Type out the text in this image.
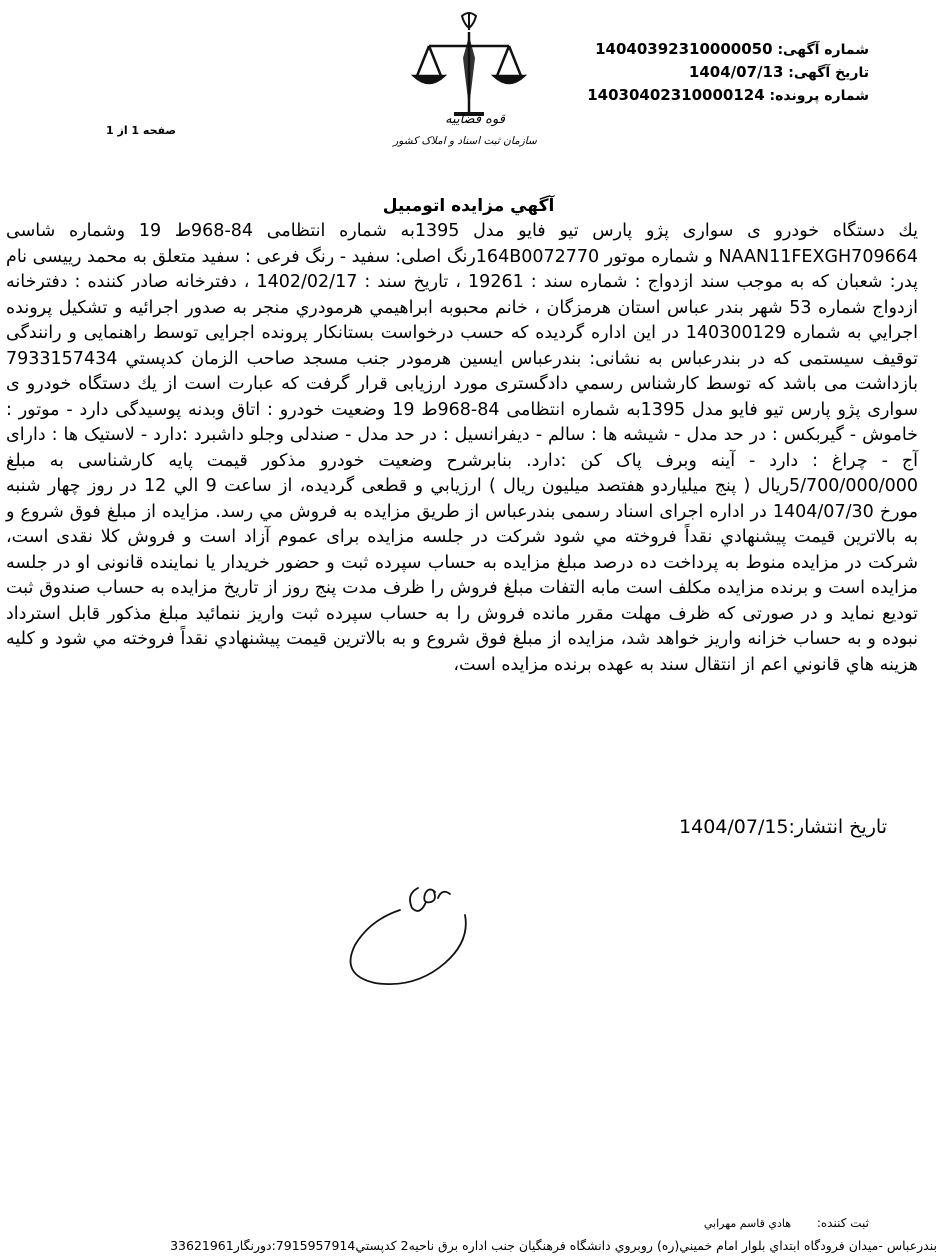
شماره آگهی: 14040392310000050
تاریخ آگهی: 1404/07/13
شماره پرونده: 14030402310000124
قوه قضاییه
سازمان ثبت اسناد و املاک کشور
صفحه 1 از 1
آگهي مزايده اتومبيل
يك دستگاه خودرو ی سواری پژو پارس تیو فایو مدل 1395به شماره انتظامی 84-968ط 19 وشماره شاسی NAAN11FEXGH709664 و شماره موتور 164B0072770رنگ اصلی: سفید - رنگ فرعی : سفید متعلق به محمد رییسی نام پدر: شعبان که به موجب سند ازدواج : شماره سند : 19261 ، تاریخ سند : 1402/02/17 ، دفترخانه صادر کننده : دفترخانه ازدواج شماره 53 شهر بندر عباس استان هرمزگان ، خانم محبوبه ابراهيمي هرمودري منجر به صدور اجرائيه و تشكيل پرونده اجرايي به شماره 140300129 در اين اداره گرديده كه حسب درخواست بستانكار پرونده اجرایی توسط راهنمایی و رانندگی توقیف سیستمی که در بندرعباس به نشانی: بندرعباس ايسين هرمودر جنب مسجد صاحب الزمان كدپستي 7933157434 بازداشت می باشد که توسط کارشناس رسمي دادگستری مورد ارزیابی قرار گرفت که عبارت است از يك دستگاه خودرو ی سواری پژو پارس تیو فایو مدل 1395به شماره انتظامی 84-968ط 19 وضعیت خودرو : اتاق وبدنه پوسیدگی دارد - موتور : خاموش - گیربکس : در حد مدل - شیشه ها : سالم - دیفرانسیل : در حد مدل - صندلی وجلو داشبرد :دارد - لاستیک ها : دارای آج - چراغ : دارد - آینه وبرف پاک کن :دارد. بنابرشرح وضعیت خودرو مذکور قیمت پایه کارشناسی به مبلغ 5/700/000/000ريال ( پنج میلیاردو هفتصد میلیون ریال ) ارزيابي و قطعی گرديده، از ساعت 9 الي 12 در روز چهار شنبه مورخ 1404/07/30 در اداره اجرای اسناد رسمی بندرعباس از طريق مزايده به فروش مي رسد. مزايده از مبلغ فوق شروع و به بالاترين قيمت پيشنهادي نقداً فروخته مي شود شرکت در جلسه مزايده برای عموم آزاد است و فروش کلا نقدی است، شرکت در مزايده منوط به پرداخت ده درصد مبلغ مزايده به حساب سپرده ثبت و حضور خريدار يا نماينده قانونی او در جلسه مزايده است و برنده مزايده مکلف است مابه التفات مبلغ فروش را ظرف مدت پنج روز از تاريخ مزايده به حساب صندوق ثبت توديع نمايد و در صورتی كه ظرف مهلت مقرر مانده فروش را به حساب سپرده ثبت واريز ننمائید مبلغ مذكور قابل استرداد نبوده و به حساب خزانه واريز خواهد شد، مزايده از مبلغ فوق شروع و به بالاترين قيمت پيشنهادي نقداً فروخته مي شود و کليه هزينه هاي قانوني اعم از انتقال سند به عهده برنده مزايده است،
تاریخ انتشار:1404/07/15
ثبت کننده: هادي قاسم مهرابي
بندرعباس -میدان فرودگاه ابتداي بلوار امام خميني(ره) روبروي دانشگاه فرهنگيان جنب اداره برق ناحيه2 كدپستي7915957914:دورنگار33621961
